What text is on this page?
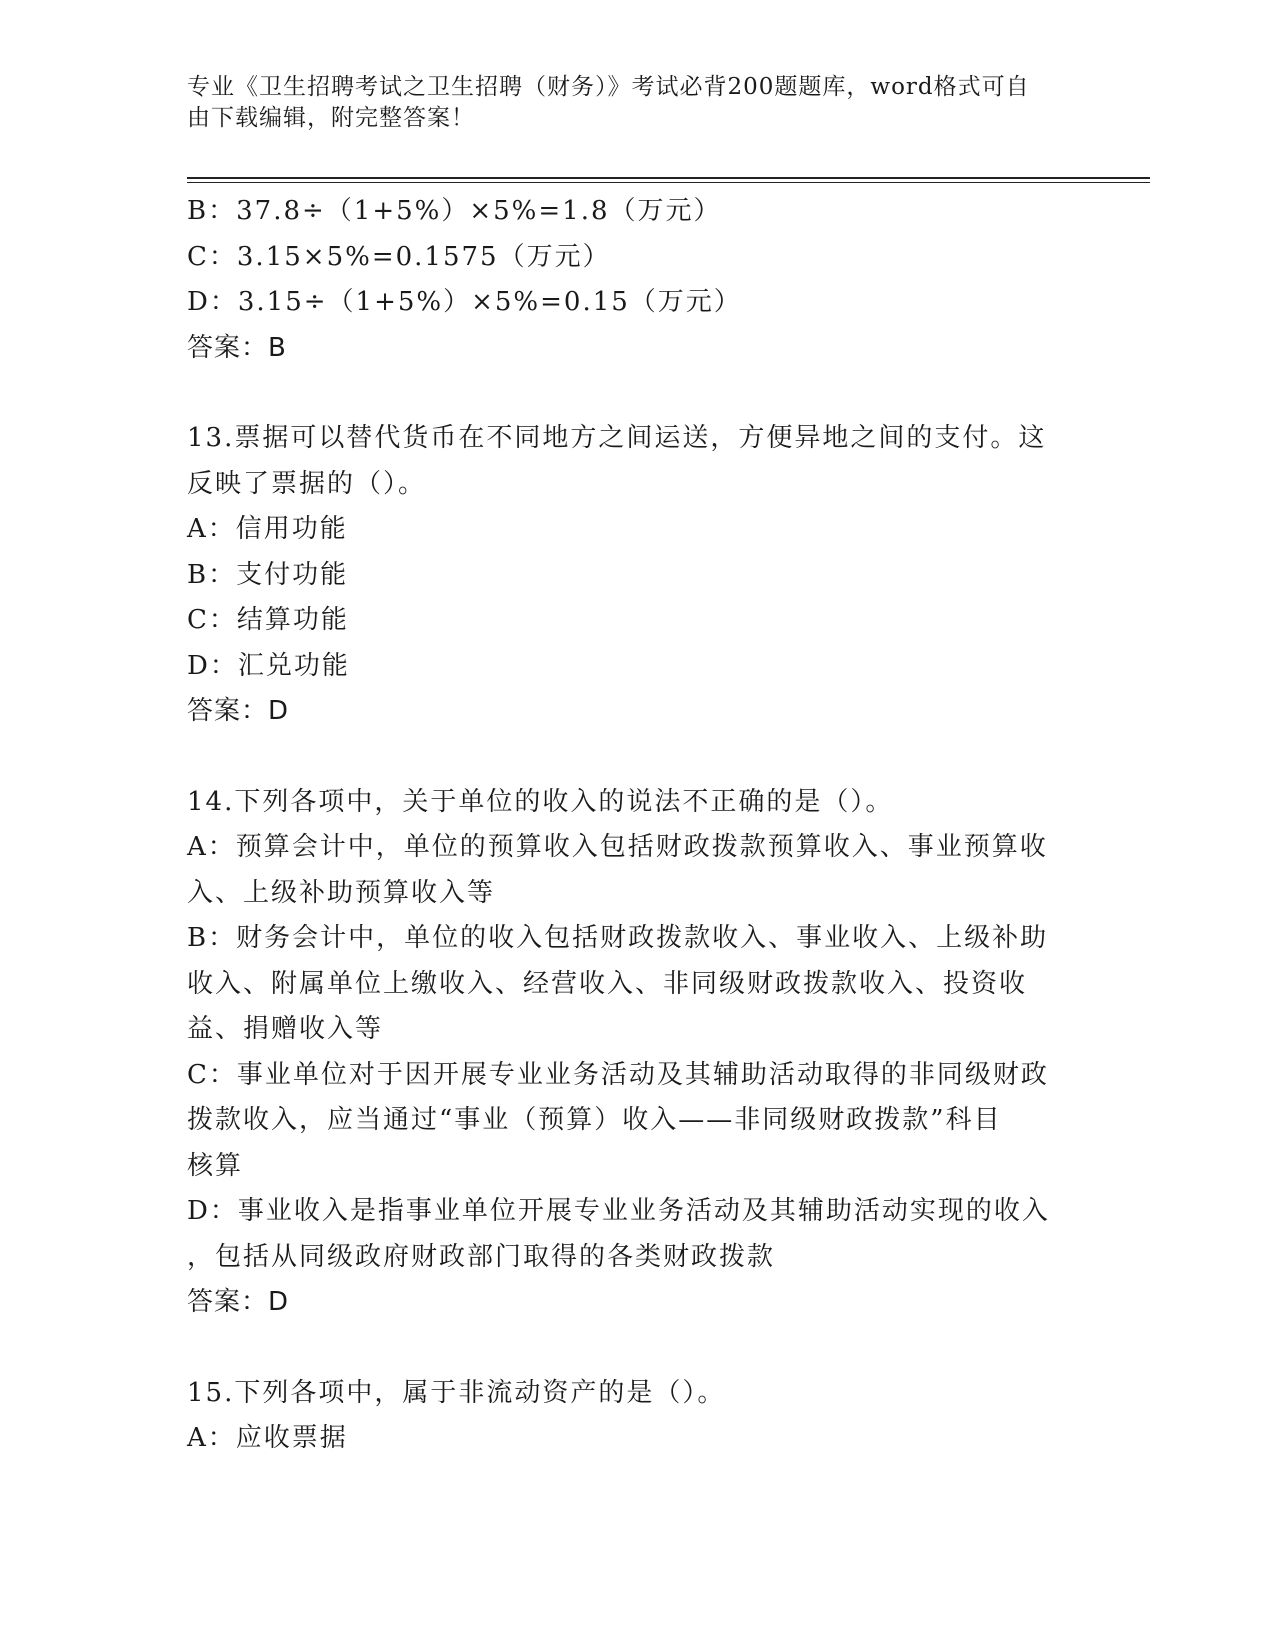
专业《卫生招聘考试之卫生招聘（财务）》考试必背200题题库，word格式可自
由下载编辑，附完整答案！
B：37.8÷（1+5%）×5%=1.8（万元）
C：3.15×5%=0.1575（万元）
D：3.15÷（1+5%）×5%=0.15（万元）
答案：B
13.票据可以替代货币在不同地方之间运送，方便异地之间的支付。这
反映了票据的（）。
A：信用功能
B：支付功能
C：结算功能
D：汇兑功能
答案：D
14.下列各项中，关于单位的收入的说法不正确的是（）。
A：预算会计中，单位的预算收入包括财政拨款预算收入、事业预算收
入、上级补助预算收入等
B：财务会计中，单位的收入包括财政拨款收入、事业收入、上级补助
收入、附属单位上缴收入、经营收入、非同级财政拨款收入、投资收
益、捐赠收入等
C：事业单位对于因开展专业业务活动及其辅助活动取得的非同级财政
拨款收入，应当通过“事业（预算）收入——非同级财政拨款”科目
核算
D：事业收入是指事业单位开展专业业务活动及其辅助活动实现的收入
，包括从同级政府财政部门取得的各类财政拨款
答案：D
15.下列各项中，属于非流动资产的是（）。
A：应收票据
